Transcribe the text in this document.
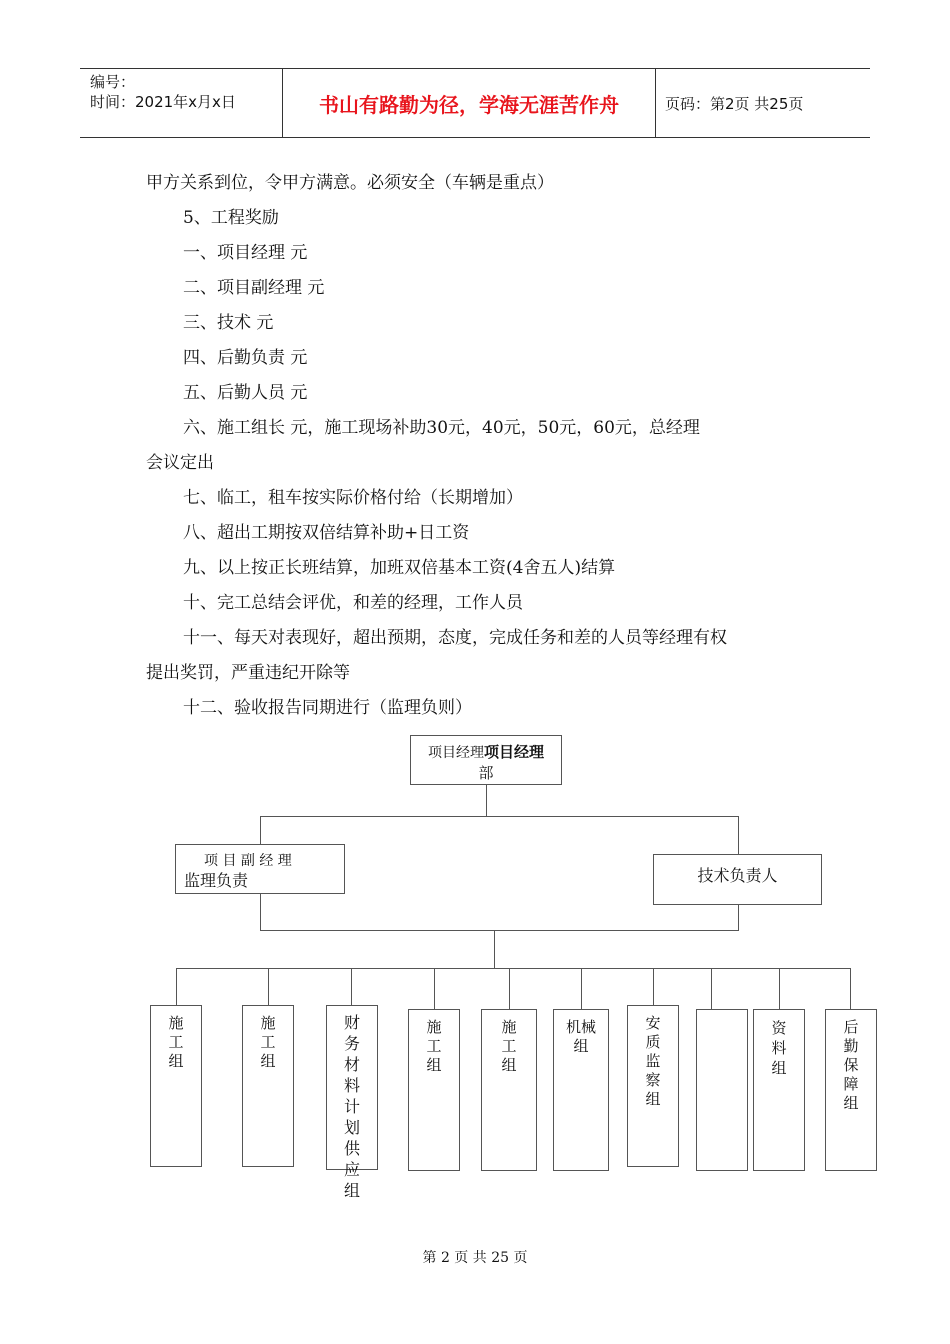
编号：
时间：2021年x月x日	书山有路勤为径，学海无涯苦作舟	页码：第2页 共25页
甲方关系到位，令甲方满意。必须安全（车辆是重点）
5、工程奖励
一、项目经理 元
二、项目副经理 元
三、技术 元
四、后勤负责 元
五、后勤人员 元
六、施工组长 元，施工现场补助30元，40元，50元，60元，总经理
会议定出
七、临工，租车按实际价格付给（长期增加）
八、超出工期按双倍结算补助+日工资
九、以上按正长班结算，加班双倍基本工资(4舍五人)结算
十、完工总结会评优，和差的经理，工作人员
十一、每天对表现好，超出预期，态度，完成任务和差的人员等经理有权
提出奖罚，严重违纪开除等
十二、验收报告同期进行（监理负则）
项目经理项目经理
部
项 目 副 经 理
监理负责	技术负责人
施工组
施工组
财务材料计划供应组
施工组
施工组
机械组
安质监察组
资料组
后勤保障组
第 2 页 共 25 页
